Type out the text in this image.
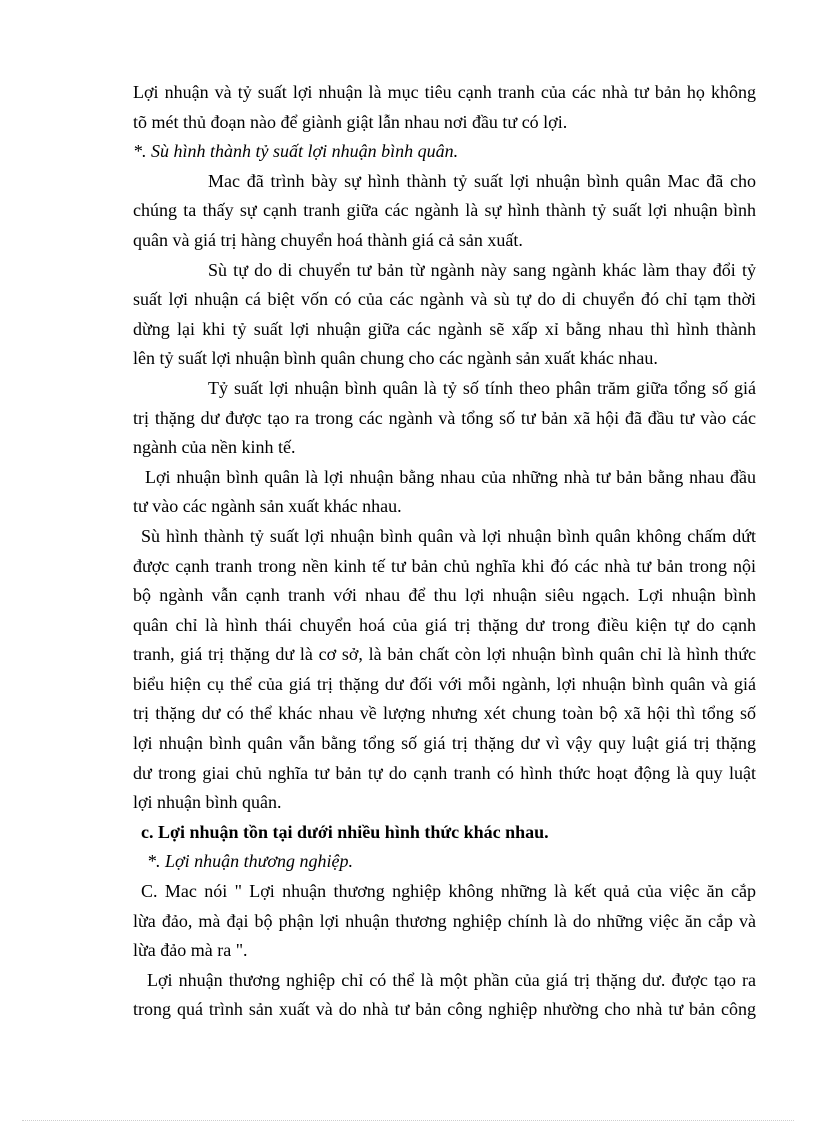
Lợi nhuận và tỷ suất lợi nhuận là mục tiêu cạnh tranh của các nhà tư bản họ không
tõ mét thủ đoạn nào để giành giật lẫn nhau nơi đầu tư có lợi.
*. Sù hình thành tỷ suất lợi nhuận bình quân.
Mac đã trình bày sự hình thành tỷ suất lợi nhuận bình quân Mac đã cho
chúng ta thấy sự cạnh tranh giữa các ngành là sự hình thành tỷ suất lợi nhuận bình
quân và giá trị hàng chuyển hoá thành giá cả sản xuất.
Sù tự do di chuyển tư bản từ ngành này sang ngành khác làm thay đổi tỷ
suất lợi nhuận cá biệt vốn có của các ngành và sù tự do di chuyển đó chỉ tạm thời
dừng lại khi tỷ suất lợi nhuận giữa các ngành sẽ xấp xỉ bằng nhau thì hình thành
lên tỷ suất lợi nhuận bình quân chung cho các ngành sản xuất khác nhau.
Tỷ suất lợi nhuận bình quân là tỷ số tính theo phân trăm giữa tổng số giá
trị thặng dư được tạo ra trong các ngành và tổng số tư bản xã hội đã đầu tư vào các
ngành của nền kinh tế.
Lợi nhuận bình quân là lợi nhuận bằng nhau của những nhà tư bản bằng nhau đầu
tư vào các ngành sản xuất khác nhau.
Sù hình thành tỷ suất lợi nhuận bình quân và lợi nhuận bình quân không chấm dứt
được cạnh tranh trong nền kinh tế tư bản chủ nghĩa khi đó các nhà tư bản trong nội
bộ ngành vẫn cạnh tranh với nhau để thu lợi nhuận siêu ngạch. Lợi nhuận bình
quân chỉ là hình thái chuyển hoá của giá trị thặng dư trong điều kiện tự do cạnh
tranh, giá trị thặng dư là cơ sở, là bản chất còn lợi nhuận bình quân chỉ là hình thức
biểu hiện cụ thể của giá trị thặng dư đối với mỗi ngành, lợi nhuận bình quân và giá
trị thặng dư có thể khác nhau về lượng nhưng xét chung toàn bộ xã hội thì tổng số
lợi nhuận bình quân vẫn bằng tổng số giá trị thặng dư vì vậy quy luật giá trị thặng
dư trong giai chủ nghĩa tư bản tự do cạnh tranh có hình thức hoạt động là quy luật
lợi nhuận bình quân.
c. Lợi nhuận tồn tại dưới nhiều hình thức khác nhau.
*. Lợi nhuận thương nghiệp.
C. Mac nói " Lợi nhuận thương nghiệp không những là kết quả của việc ăn cắp
lừa đảo, mà đại bộ phận lợi nhuận thương nghiệp chính là do những việc ăn cắp và
lừa đảo mà ra ".
Lợi nhuận thương nghiệp chỉ có thể là một phần của giá trị thặng dư. được tạo ra
trong quá trình sản xuất và do nhà tư bản công nghiệp nhường cho nhà tư bản công
